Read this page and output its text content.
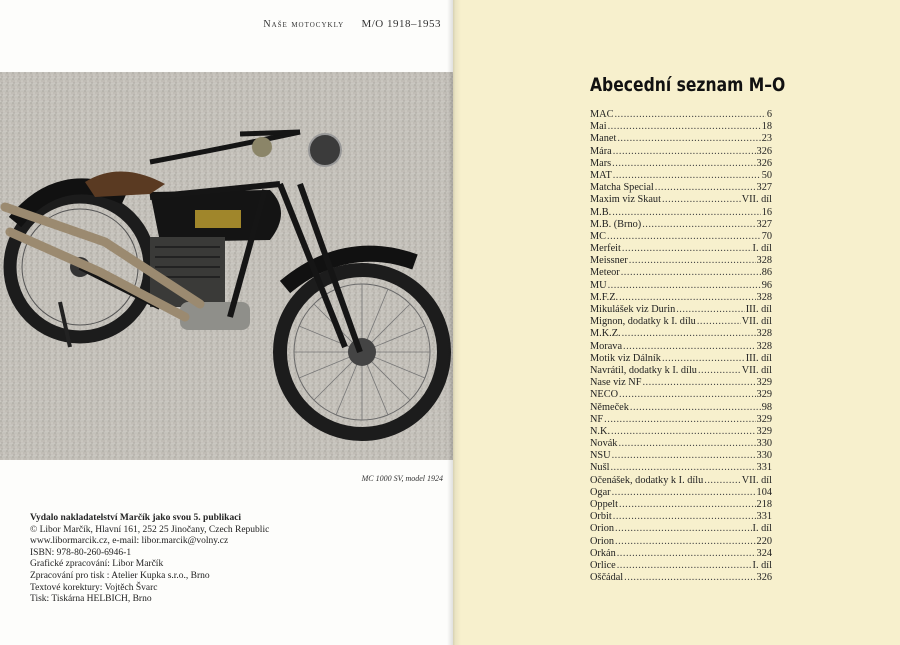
Naše motocykly M/O 1918–1953
MC 1000 SV, model 1924
Vydalo nakladatelství Marčík jako svou 5. publikaci
© Libor Marčík, Hlavní 161, 252 25 Jinočany, Czech Republic
www.libormarcik.cz, e-mail: libor.marcik@volny.cz
ISBN: 978-80-260-6946-1
Grafické zpracování: Libor Marčík
Zpracování pro tisk : Atelier Kupka s.r.o., Brno
Textové korektury: Vojtěch Švarc
Tisk: Tiskárna HELBICH, Brno
Abecední seznam M–O
MAC .....	6
Mai .....	18
Manet .....	23
Mára .....	326
Mars .....	326
MAT .....	50
Matcha Special .....	327
Maxim viz Skaut .....	VII. díl
M.B. .....	16
M.B. (Brno) .....	327
MC .....	70
Merfeit .....	I. díl
Meissner .....	328
Meteor .....	86
MU .....	96
M.F.Z. .....	328
Mikulášek viz Durin .....	III. díl
Mignon, dodatky k I. dílu .....	VII. díl
M.K.Z. .....	328
Morava .....	328
Motik viz Dálník .....	III. díl
Navrátil, dodatky k I. dílu .....	VII. díl
Nase viz NF .....	329
NECO .....	329
Němeček .....	98
NF .....	329
N.K. .....	329
Novák .....	330
NSU .....	330
Nušl .....	331
Očenášek, dodatky k I. dílu .....	VII. díl
Ogar .....	104
Oppelt .....	218
Orbit .....	331
Orion .....	I. díl
Orion .....	220
Orkán .....	324
Orlice .....	I. díl
Oščádal .....	326
